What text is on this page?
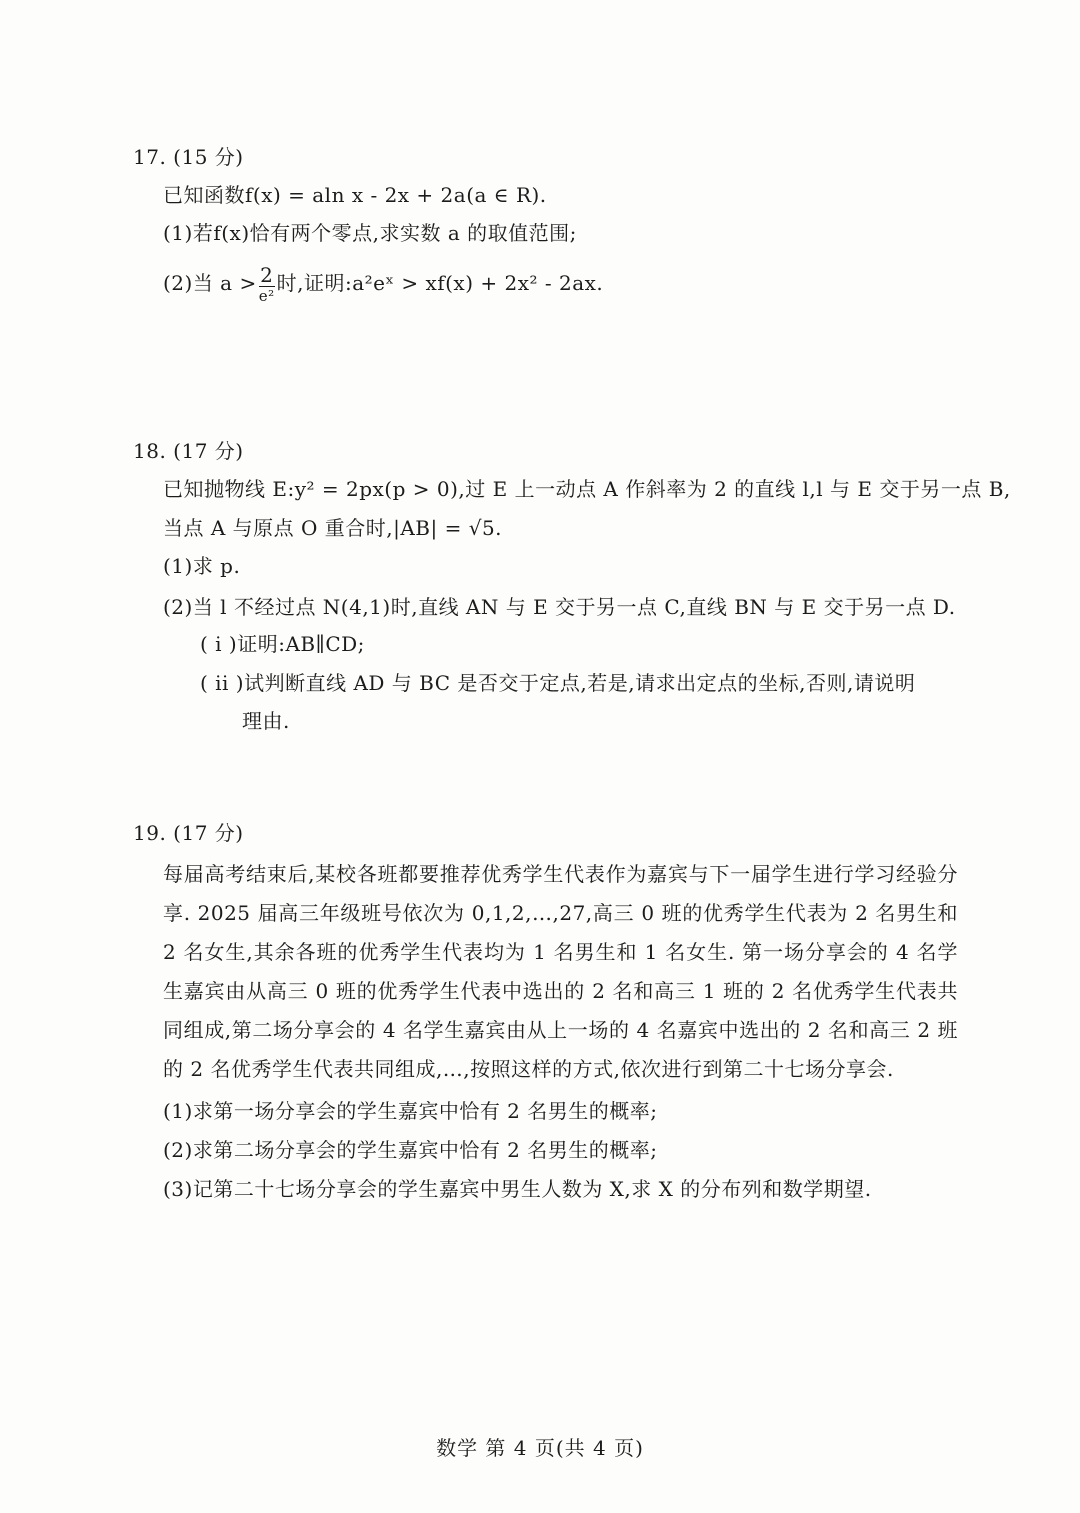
17. (15 分)
已知函数f(x) = aln x - 2x + 2a(a ∈ R).
(1)若f(x)恰有两个零点,求实数 a 的取值范围;
(2)当 $a > \frac{2}{\text{e²}}$ 时,证明:a²eˣ > xf(x) + 2x² - 2ax.
18. (17 分)
已知抛物线 E:y² = 2px(p > 0),过 E 上一动点 A 作斜率为 2 的直线 l,l 与 E 交于另一点 B,
当点 A 与原点 O 重合时,|AB| = √5.
(1)求 p.
(2)当 l 不经过点 N(4,1)时,直线 AN 与 E 交于另一点 C,直线 BN 与 E 交于另一点 D.
( i )证明:AB∥CD;
( ii )试判断直线 AD 与 BC 是否交于定点,若是,请求出定点的坐标,否则,请说明
理由.
19. (17 分)
每届高考结束后,某校各班都要推荐优秀学生代表作为嘉宾与下一届学生进行学习经验分享. 2025 届高三年级班号依次为 0,1,2,…,27,高三 0 班的优秀学生代表为 2 名男生和 2 名女生,其余各班的优秀学生代表均为 1 名男生和 1 名女生. 第一场分享会的 4 名学生嘉宾由从高三 0 班的优秀学生代表中选出的 2 名和高三 1 班的 2 名优秀学生代表共同组成,第二场分享会的 4 名学生嘉宾由从上一场的 4 名嘉宾中选出的 2 名和高三 2 班的 2 名优秀学生代表共同组成,…,按照这样的方式,依次进行到第二十七场分享会.
(1)求第一场分享会的学生嘉宾中恰有 2 名男生的概率;
(2)求第二场分享会的学生嘉宾中恰有 2 名男生的概率;
(3)记第二十七场分享会的学生嘉宾中男生人数为 X,求 X 的分布列和数学期望.
数学 第 4 页(共 4 页)
